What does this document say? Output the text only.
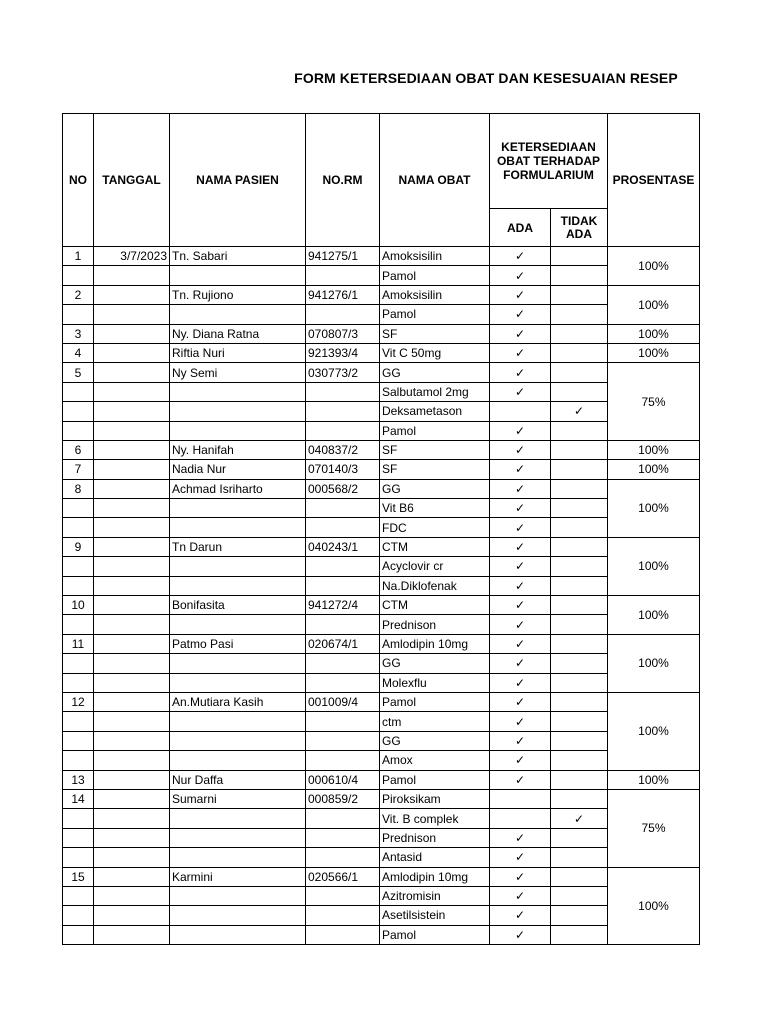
FORM KETERSEDIAAN OBAT DAN KESESUAIAN RESEP
NO	TANGGAL	NAMA PASIEN	NO.RM	NAMA OBAT	KETERSEDIAAN
OBAT TERHADAP
FORMULARIUM		PROSENTASE
					ADA	TIDAK
ADA	
1	3/7/2023	Tn. Sabari	941275/1	Amoksisilin	✓		100%
				Pamol	✓		
2		Tn. Rujiono	941276/1	Amoksisilin	✓		100%
				Pamol	✓		
3		Ny. Diana Ratna	070807/3	SF	✓		100%
4		Riftia Nuri	921393/4	Vit C 50mg	✓		100%
5		Ny Semi	030773/2	GG	✓		75%
				Salbutamol 2mg	✓		
				Deksametason		✓	
				Pamol	✓		
6		Ny. Hanifah	040837/2	SF	✓		100%
7		Nadia Nur	070140/3	SF	✓		100%
8		Achmad Isriharto	000568/2	GG	✓		100%
				Vit B6	✓		
				FDC	✓		
9		Tn Darun	040243/1	CTM	✓		100%
				Acyclovir cr	✓		
				Na.Diklofenak	✓		
10		Bonifasita	941272/4	CTM	✓		100%
				Prednison	✓		
11		Patmo Pasi	020674/1	Amlodipin 10mg	✓		100%
				GG	✓		
				Molexflu	✓		
12		An.Mutiara Kasih	001009/4	Pamol	✓		100%
				ctm	✓		
				GG	✓		
				Amox	✓		
13		Nur Daffa	000610/4	Pamol	✓		100%
14		Sumarni	000859/2	Piroksikam			75%
				Vit. B complek		✓	
				Prednison	✓		
				Antasid	✓		
15		Karmini	020566/1	Amlodipin 10mg	✓		100%
				Azitromisin	✓		
				Asetilsistein	✓		
				Pamol	✓		
